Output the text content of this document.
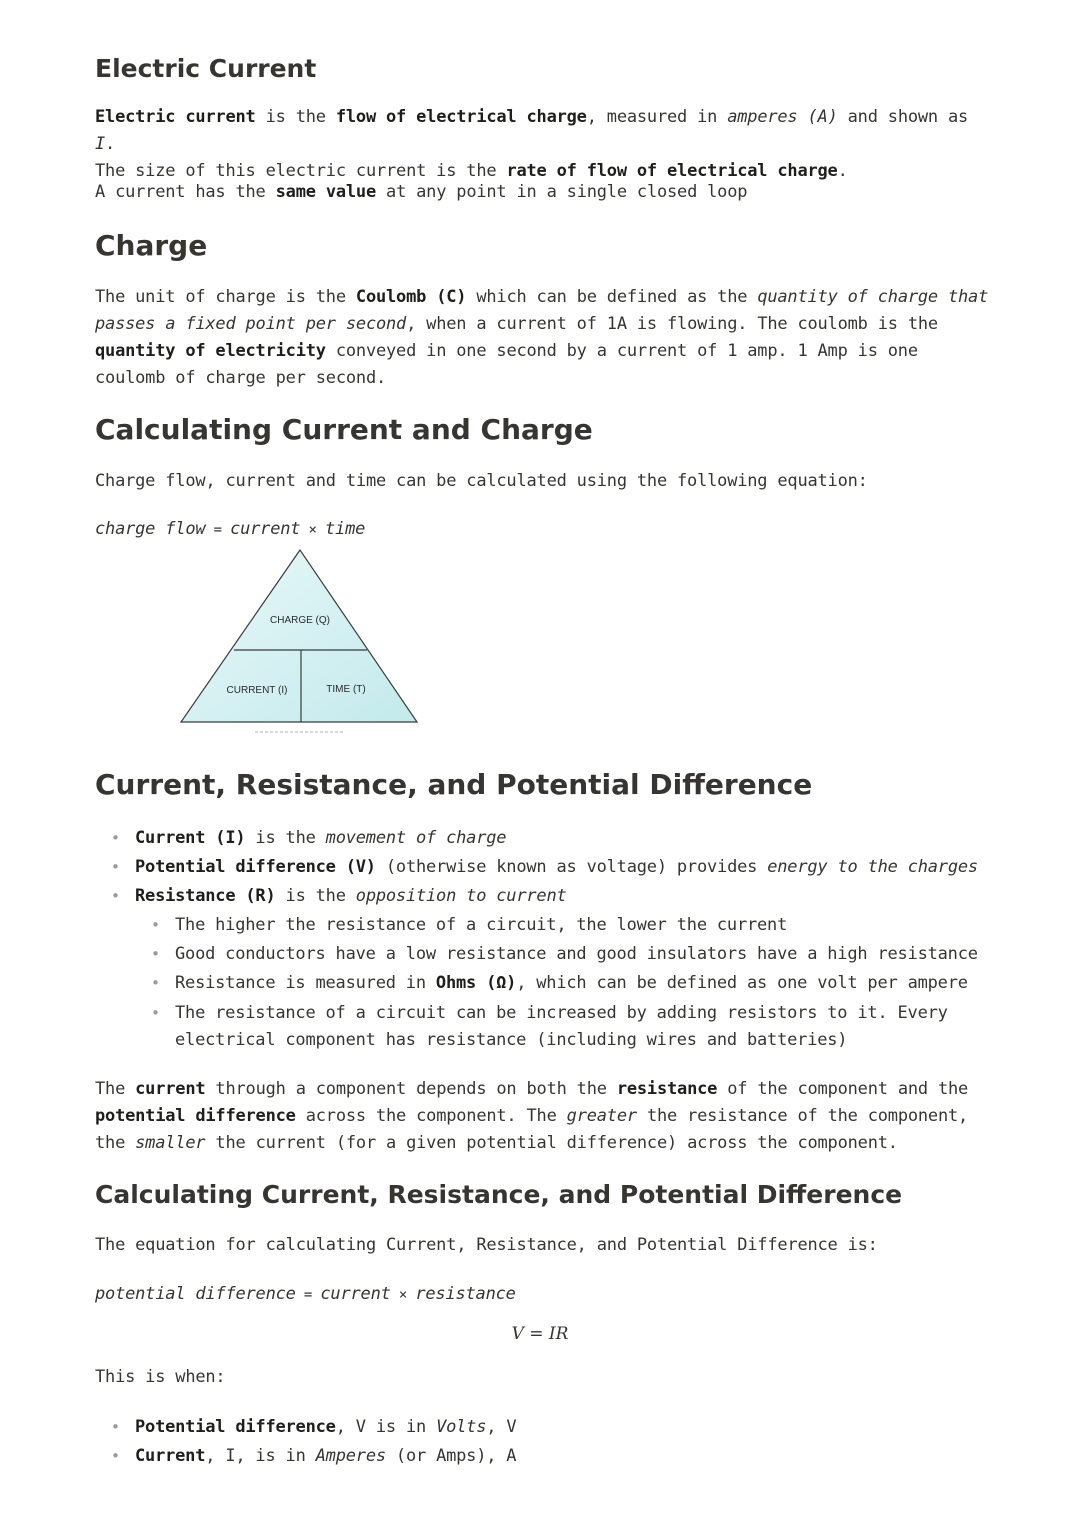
Electric Current

Electric current is the flow of electrical charge, measured in amperes (A) and shown as I.
The size of this electric current is the rate of flow of electrical charge.

A current has the same value at any point in a single closed loop

Charge

The unit of charge is the Coulomb (C) which can be defined as the quantity of charge that passes a fixed point per second, when a current of 1A is flowing. The coulomb is the quantity of electricity conveyed in one second by a current of 1 amp. 1 Amp is one coulomb of charge per second.

Calculating Current and Charge

Charge flow, current and time can be calculated using the following equation:

charge flow = current × time

CHARGE (Q)
CURRENT (I)	TIME (T)
Current, Resistance, and Potential Difference
• Current (I) is the movement of charge
• Potential difference (V) (otherwise known as voltage) provides energy to the charges
• Resistance (R) is the opposition to current
• The higher the resistance of a circuit, the lower the current
• Good conductors have a low resistance and good insulators have a high resistance
• Resistance is measured in Ohms (Ω), which can be defined as one volt per ampere
• The resistance of a circuit can be increased by adding resistors to it. Every electrical component has resistance (including wires and batteries)

The current through a component depends on both the resistance of the component and the potential difference across the component. The greater the resistance of the component, the smaller the current (for a given potential difference) across the component.

Calculating Current, Resistance, and Potential Difference

The equation for calculating Current, Resistance, and Potential Difference is:

potential difference = current × resistance

V = IR

This is when:

• Potential difference, V is in Volts, V
• Current, I, is in Amperes (or Amps), A
